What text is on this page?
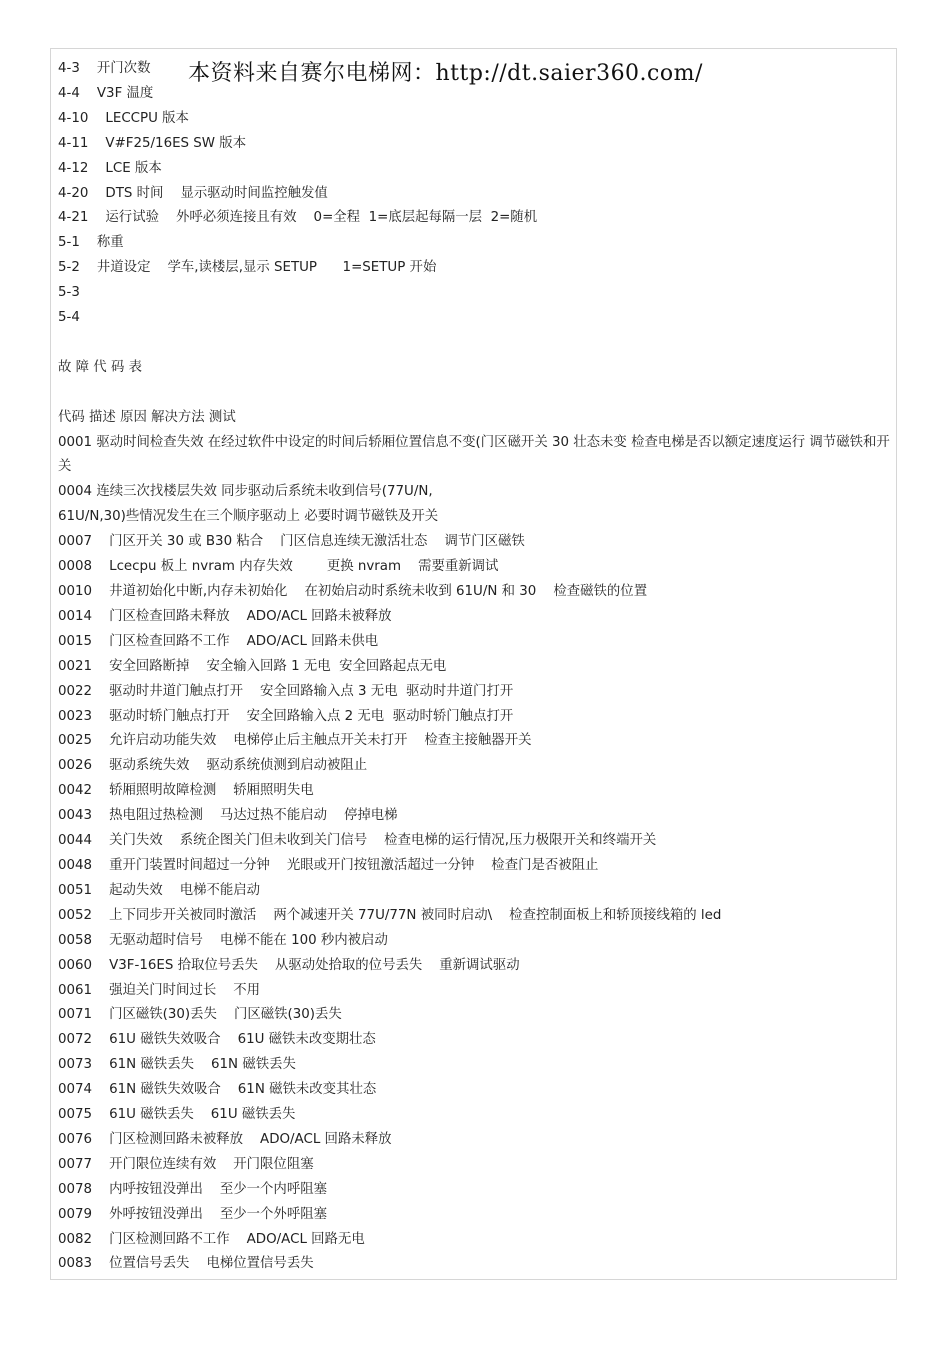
本资料来自赛尔电梯网：http://dt.saier360.com/
4-3    开门次数
4-4    V3F 温度
4-10    LECCPU 版本
4-11    V#F25/16ES SW 版本
4-12    LCE 版本
4-20    DTS 时间    显示驱动时间监控触发值
4-21    运行试验    外呼必须连接且有效    0=全程  1=底层起每隔一层  2=随机
5-1    称重
5-2    井道设定    学车,读楼层,显示 SETUP      1=SETUP 开始
5-3
5-4
故 障 代 码 表
代码 描述 原因 解决方法 测试
0001 驱动时间检查失效 在经过软件中设定的时间后轿厢位置信息不变(门区磁开关 30 壮态未变 检查电梯是否以额定速度运行 调节磁铁和开关
0004 连续三次找楼层失效 同步驱动后系统未收到信号(77U/N,
61U/N,30)些情况发生在三个顺序驱动上 必要时调节磁铁及开关
0007    门区开关 30 或 B30 粘合    门区信息连续无激活壮态    调节门区磁铁
0008    Lcecpu 板上 nvram 内存失效        更换 nvram    需要重新调试
0010    井道初始化中断,内存未初始化    在初始启动时系统未收到 61U/N 和 30    检查磁铁的位置
0014    门区检查回路未释放    ADO/ACL 回路未被释放
0015    门区检查回路不工作    ADO/ACL 回路未供电
0021    安全回路断掉    安全输入回路 1 无电  安全回路起点无电
0022    驱动时井道门触点打开    安全回路输入点 3 无电  驱动时井道门打开
0023    驱动时轿门触点打开    安全回路输入点 2 无电  驱动时轿门触点打开
0025    允许启动功能失效    电梯停止后主触点开关未打开    检查主接触器开关
0026    驱动系统失效    驱动系统侦测到启动被阻止
0042    轿厢照明故障检测    轿厢照明失电
0043    热电阻过热检测    马达过热不能启动    停掉电梯
0044    关门失效    系统企图关门但未收到关门信号    检查电梯的运行情况,压力极限开关和终端开关
0048    重开门装置时间超过一分钟    光眼或开门按钮激活超过一分钟    检查门是否被阻止
0051    起动失效    电梯不能启动
0052    上下同步开关被同时激活    两个减速开关 77U/77N 被同时启动\    检查控制面板上和轿顶接线箱的 led
0058    无驱动超时信号    电梯不能在 100 秒内被启动
0060    V3F-16ES 拾取位号丢失    从驱动处拾取的位号丢失    重新调试驱动
0061    强迫关门时间过长    不用
0071    门区磁铁(30)丢失    门区磁铁(30)丢失
0072    61U 磁铁失效吸合    61U 磁铁未改变期壮态
0073    61N 磁铁丢失    61N 磁铁丢失
0074    61N 磁铁失效吸合    61N 磁铁未改变其壮态
0075    61U 磁铁丢失    61U 磁铁丢失
0076    门区检测回路未被释放    ADO/ACL 回路未释放
0077    开门限位连续有效    开门限位阻塞
0078    内呼按钮没弹出    至少一个内呼阻塞
0079    外呼按钮没弹出    至少一个外呼阻塞
0082    门区检测回路不工作    ADO/ACL 回路无电
0083    位置信号丢失    电梯位置信号丢失
